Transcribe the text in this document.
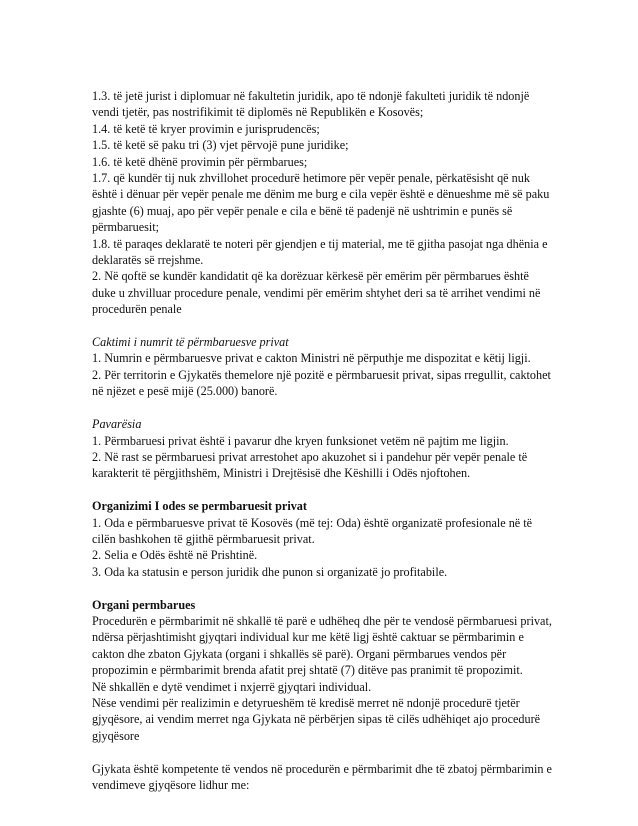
1.3. të jetë jurist i diplomuar në fakultetin juridik, apo të ndonjë fakulteti juridik të ndonjë vendi tjetër, pas nostrifikimit të diplomës në Republikën e Kosovës;

1.4. të ketë të kryer provimin e jurisprudencës;

1.5. të ketë së paku tri (3) vjet përvojë pune juridike;

1.6. të ketë dhënë provimin për përmbarues;

1.7. që kundër tij nuk zhvillohet procedurë hetimore për vepër penale, përkatësisht që nuk është i dënuar për vepër penale me dënim me burg e cila vepër është e dënueshme më së paku gjashte (6) muaj, apo për vepër penale e cila e bënë të padenjë në ushtrimin e punës së përmbaruesit;

1.8. të paraqes deklaratë te noteri për gjendjen e tij material, me të gjitha pasojat nga dhënia e deklaratës së rrejshme.

2. Në qoftë se kundër kandidatit që ka dorëzuar kërkesë për emërim për përmbarues është duke u zhvilluar procedure penale, vendimi për emërim shtyhet deri sa të arrihet vendimi në procedurën penale

Caktimi i numrit të përmbaruesve privat

1. Numrin e përmbaruesve privat e cakton Ministri në përputhje me dispozitat e këtij ligji.

2. Për territorin e Gjykatës themelore një pozitë e përmbaruesit privat, sipas rregullit, caktohet në njëzet e pesë mijë (25.000) banorë.

Pavarësia

1. Përmbaruesi privat është i pavarur dhe kryen funksionet vetëm në pajtim me ligjin.

2. Në rast se përmbaruesi privat arrestohet apo akuzohet si i pandehur për vepër penale të karakterit të përgjithshëm, Ministri i Drejtësisë dhe Këshilli i Odës njoftohen.

Organizimi I odes se permbaruesit privat

1. Oda e përmbaruesve privat të Kosovës (më tej: Oda) është organizatë profesionale në të cilën bashkohen të gjithë përmbaruesit privat.

2. Selia e Odës është në Prishtinë.

3. Oda ka statusin e person juridik dhe punon si organizatë jo profitabile.

Organi permbarues

Procedurën e përmbarimit në shkallë të parë e udhëheq dhe për te vendosë përmbaruesi privat, ndërsa përjashtimisht gjyqtari individual kur me këtë ligj është caktuar se përmbarimin e cakton dhe zbaton Gjykata (organi i shkallës së parë). Organi përmbarues vendos për propozimin e përmbarimit brenda afatit prej shtatë (7) ditëve pas pranimit të propozimit.

Në shkallën e dytë vendimet i nxjerrë gjyqtari individual.

Nëse vendimi për realizimin e detyrueshëm të kredisë merret në ndonjë procedurë tjetër gjyqësore, ai vendim merret nga Gjykata në përbërjen sipas të cilës udhëhiqet ajo procedurë gjyqësore

Gjykata është kompetente të vendos në procedurën e përmbarimit dhe të zbatoj përmbarimin e vendimeve gjyqësore lidhur me:
